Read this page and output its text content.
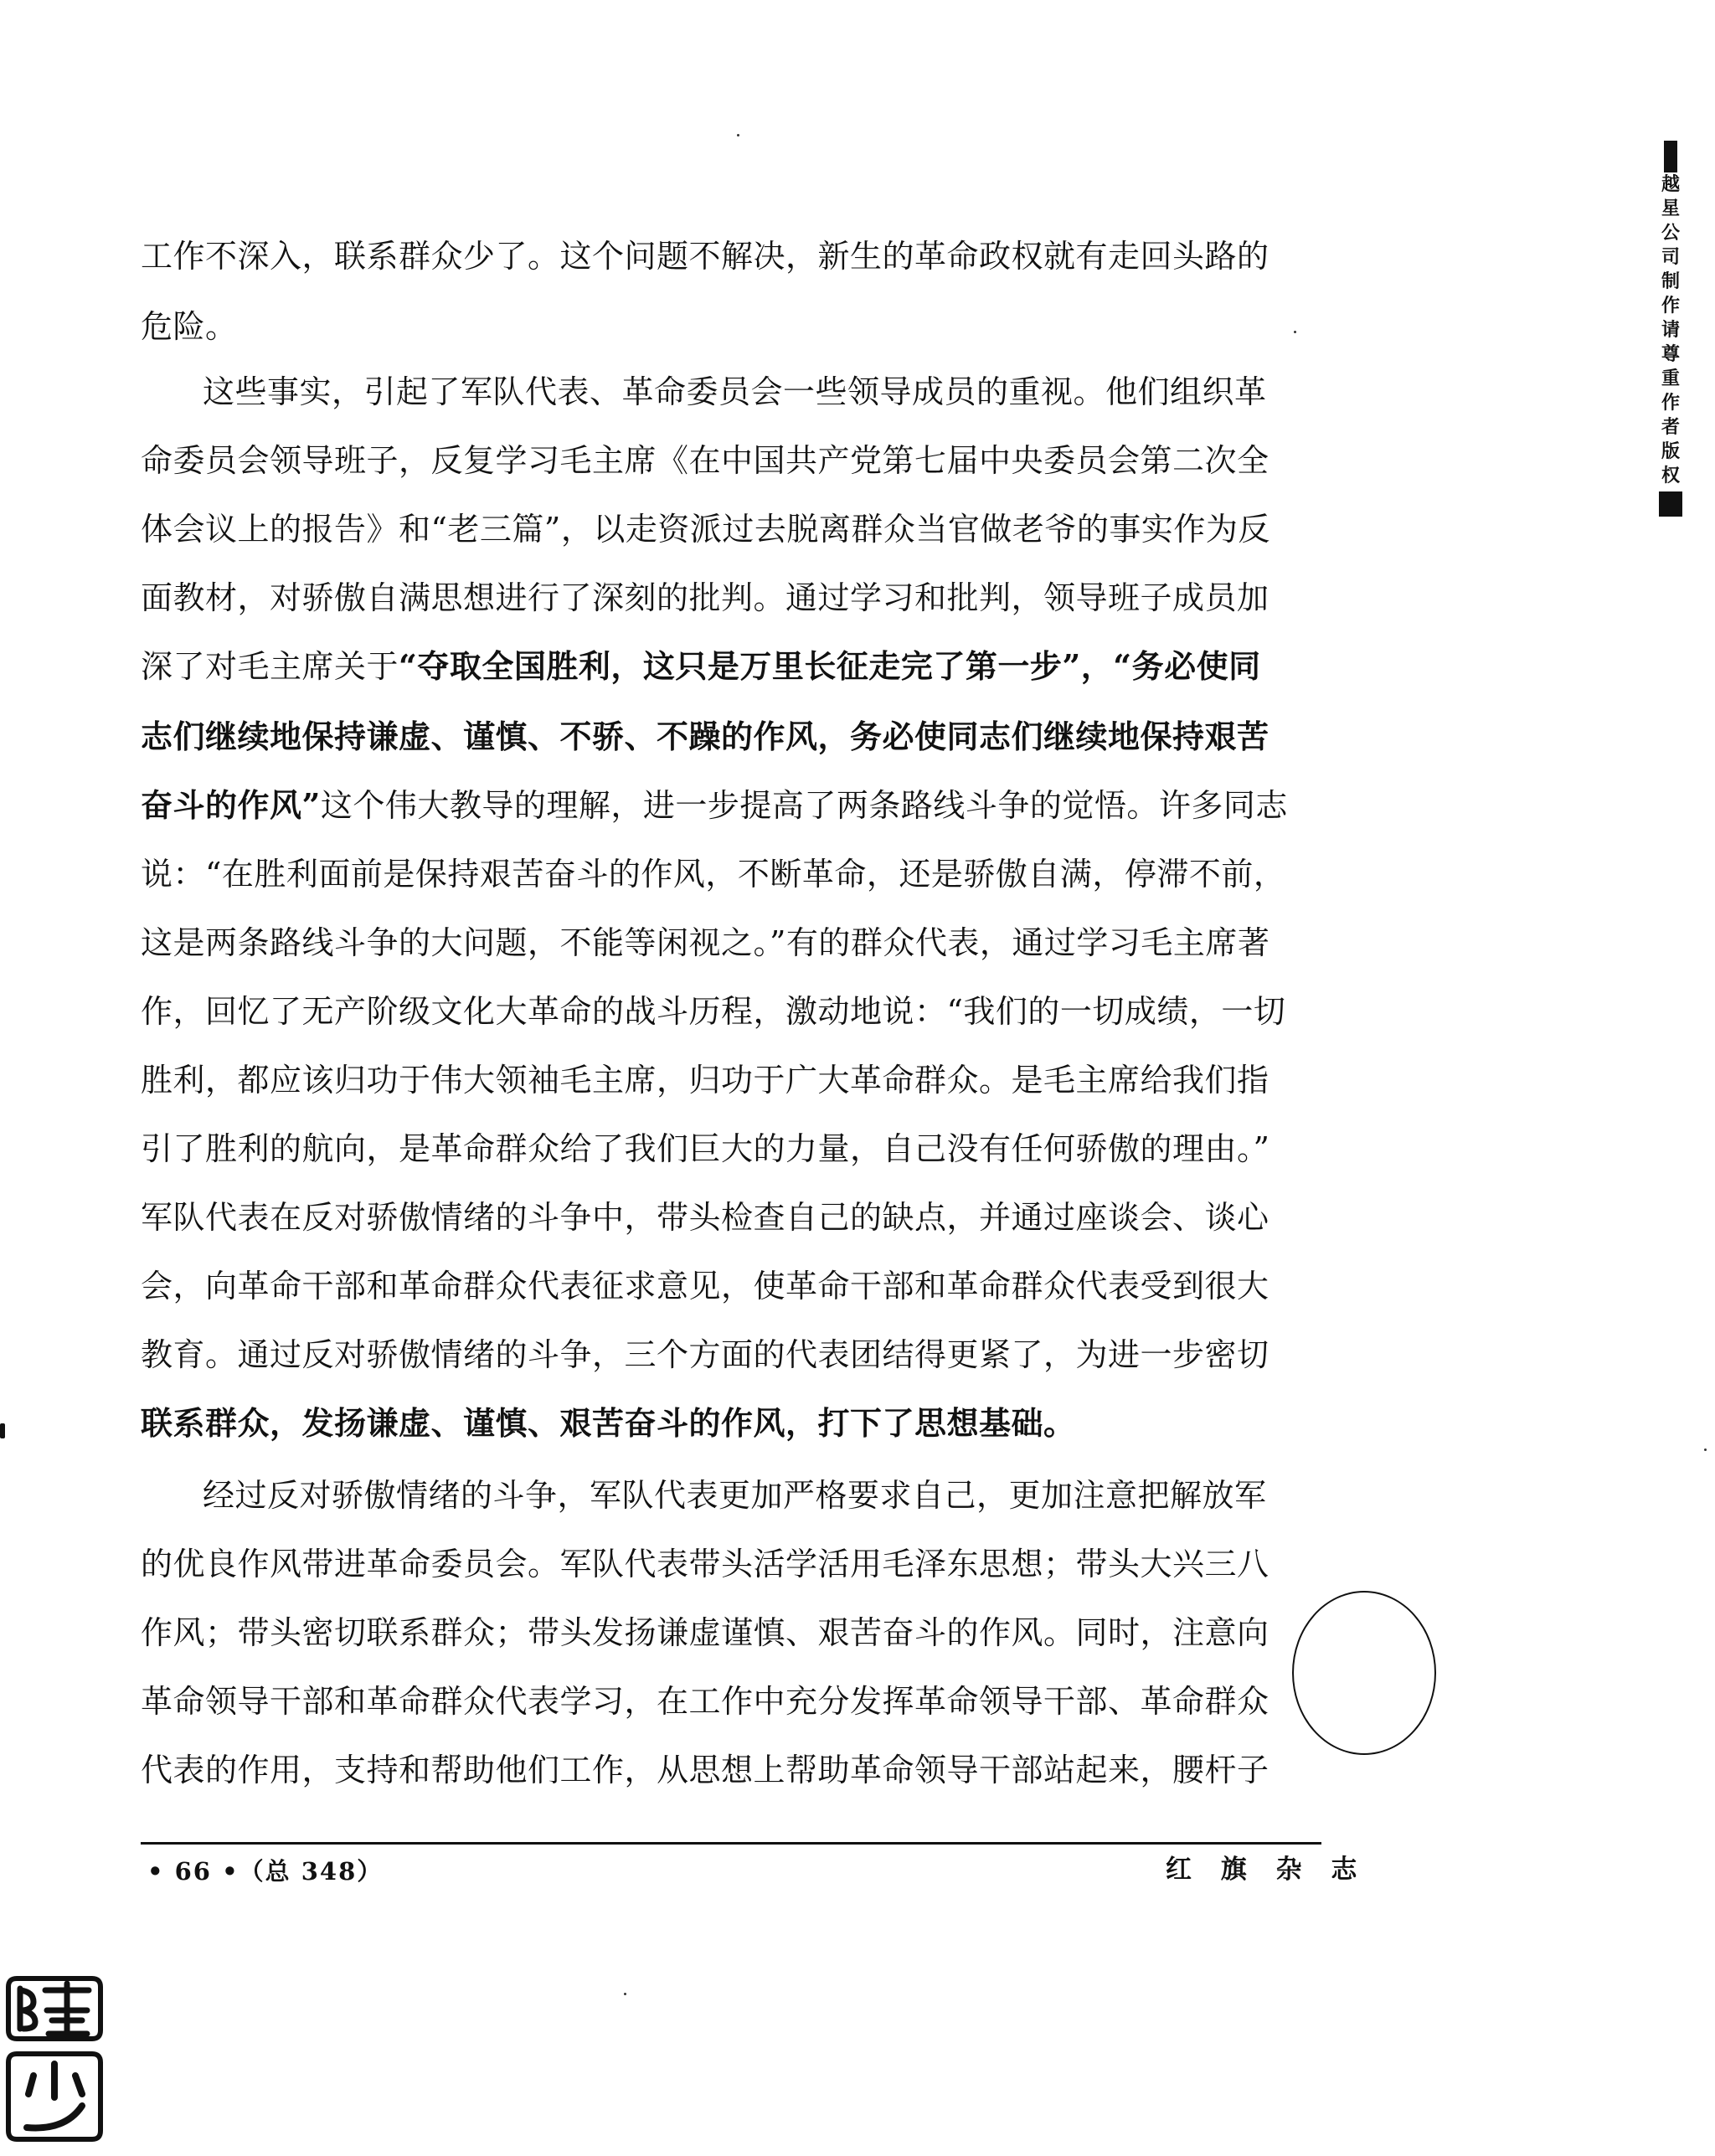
工作不深入，联系群众少了。这个问题不解决，新生的革命政权就有走回头路的
危险。
这些事实，引起了军队代表、革命委员会一些领导成员的重视。他们组织革
命委员会领导班子，反复学习毛主席《在中国共产党第七届中央委员会第二次全
体会议上的报告》和“老三篇”，以走资派过去脱离群众当官做老爷的事实作为反
面教材，对骄傲自满思想进行了深刻的批判。通过学习和批判，领导班子成员加
深了对毛主席关于“夺取全国胜利，这只是万里长征走完了第一步”，“务必使同
志们继续地保持谦虚、谨慎、不骄、不躁的作风，务必使同志们继续地保持艰苦
奋斗的作风”这个伟大教导的理解，进一步提高了两条路线斗争的觉悟。许多同志
说：“在胜利面前是保持艰苦奋斗的作风，不断革命，还是骄傲自满，停滞不前，
这是两条路线斗争的大问题，不能等闲视之。”有的群众代表，通过学习毛主席著
作，回忆了无产阶级文化大革命的战斗历程，激动地说：“我们的一切成绩，一切
胜利，都应该归功于伟大领袖毛主席，归功于广大革命群众。是毛主席给我们指
引了胜利的航向，是革命群众给了我们巨大的力量，自己没有任何骄傲的理由。”
军队代表在反对骄傲情绪的斗争中，带头检查自己的缺点，并通过座谈会、谈心
会，向革命干部和革命群众代表征求意见，使革命干部和革命群众代表受到很大
教育。通过反对骄傲情绪的斗争，三个方面的代表团结得更紧了，为进一步密切
联系群众，发扬谦虚、谨慎、艰苦奋斗的作风，打下了思想基础。
经过反对骄傲情绪的斗争，军队代表更加严格要求自己，更加注意把解放军
的优良作风带进革命委员会。军队代表带头活学活用毛泽东思想；带头大兴三八
作风；带头密切联系群众；带头发扬谦虚谨慎、艰苦奋斗的作风。同时，注意向
革命领导干部和革命群众代表学习，在工作中充分发挥革命领导干部、革命群众
代表的作用，支持和帮助他们工作，从思想上帮助革命领导干部站起来，腰杆子
• 66 •（总 348）	红 旗 杂 志
越
星
公
司
制
作
请
尊
重
作
者
版
权
